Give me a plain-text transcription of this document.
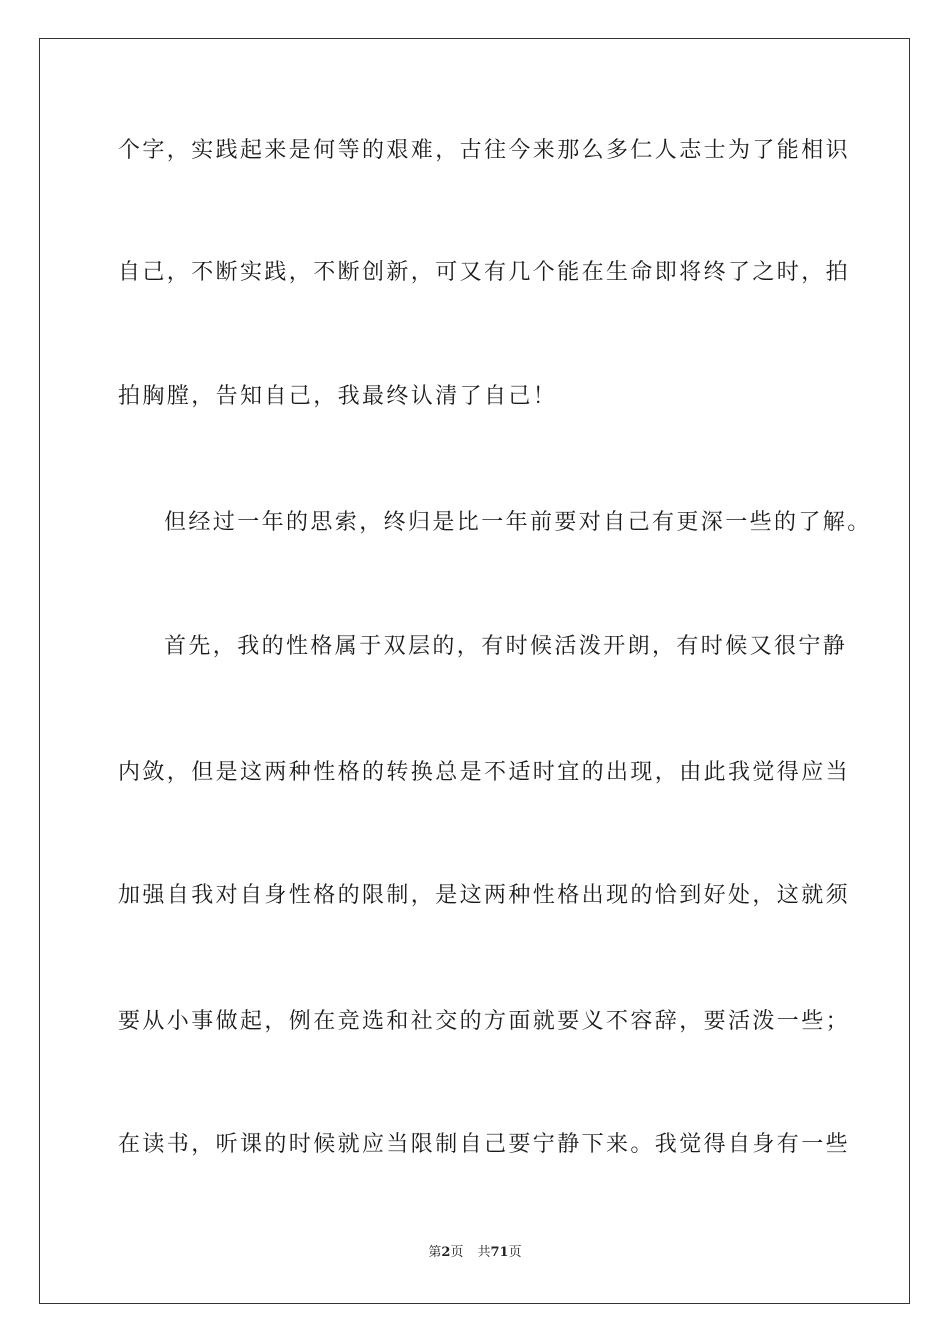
个字，实践起来是何等的艰难，古往今来那么多仁人志士为了能相识
自己，不断实践，不断创新，可又有几个能在生命即将终了之时，拍
拍胸膛，告知自己，我最终认清了自己！
但经过一年的思索，终归是比一年前要对自己有更深一些的了解。
首先，我的性格属于双层的，有时候活泼开朗，有时候又很宁静
内敛，但是这两种性格的转换总是不适时宜的出现，由此我觉得应当
加强自我对自身性格的限制，是这两种性格出现的恰到好处，这就须
要从小事做起，例在竞选和社交的方面就要义不容辞，要活泼一些；
在读书，听课的时候就应当限制自己要宁静下来。我觉得自身有一些
第2页 共71页
